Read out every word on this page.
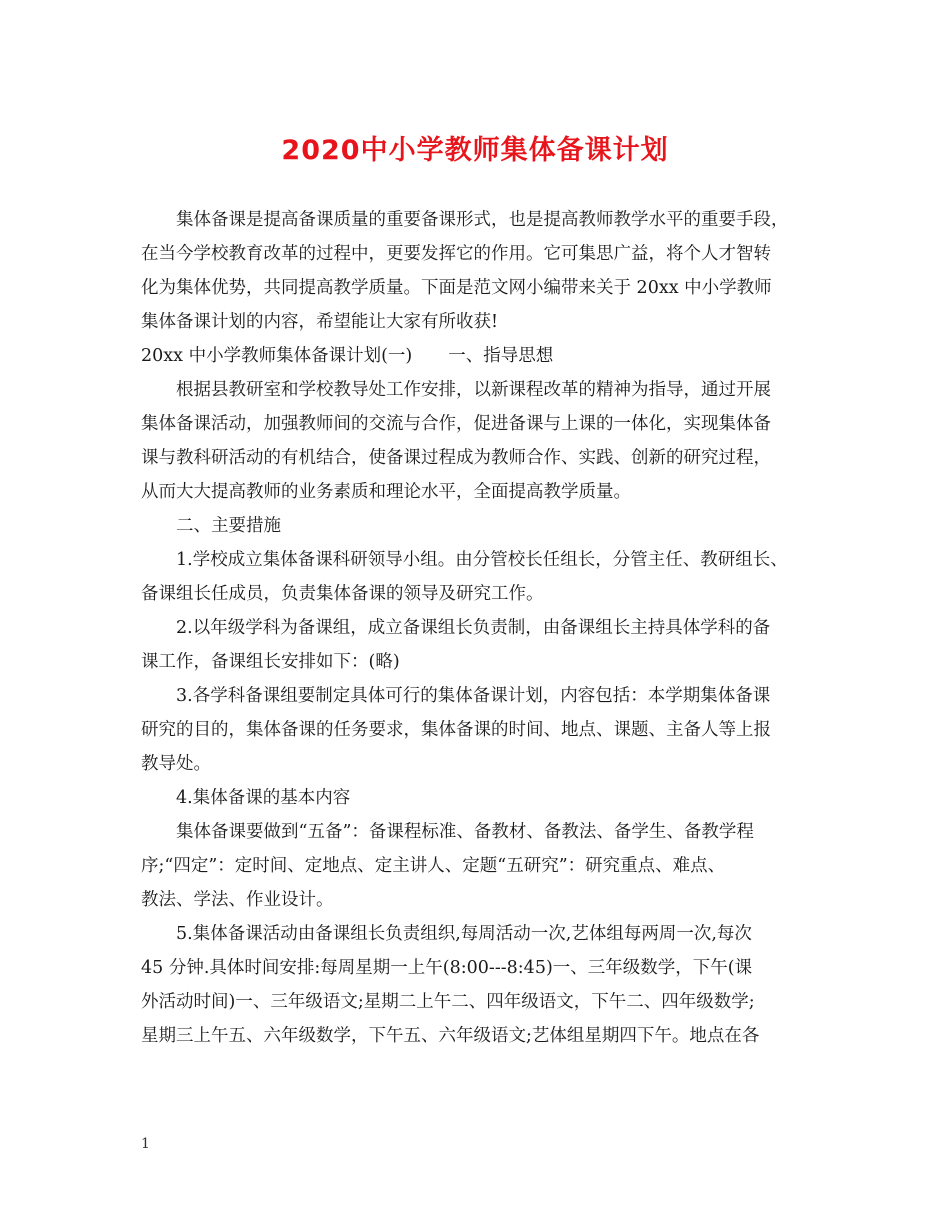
2020中小学教师集体备课计划
集体备课是提高备课质量的重要备课形式，也是提高教师教学水平的重要手段，
在当今学校教育改革的过程中，更要发挥它的作用。它可集思广益，将个人才智转
化为集体优势，共同提高教学质量。下面是范文网小编带来关于 20xx 中小学教师
集体备课计划的内容，希望能让大家有所收获!
20xx 中小学教师集体备课计划(一) 一、指导思想
根据县教研室和学校教导处工作安排，以新课程改革的精神为指导，通过开展
集体备课活动，加强教师间的交流与合作，促进备课与上课的一体化，实现集体备
课与教科研活动的有机结合，使备课过程成为教师合作、实践、创新的研究过程，
从而大大提高教师的业务素质和理论水平，全面提高教学质量。
二、主要措施
1.学校成立集体备课科研领导小组。由分管校长任组长，分管主任、教研组长、
备课组长任成员，负责集体备课的领导及研究工作。
2.以年级学科为备课组，成立备课组长负责制，由备课组长主持具体学科的备
课工作，备课组长安排如下：(略)
3.各学科备课组要制定具体可行的集体备课计划，内容包括：本学期集体备课
研究的目的，集体备课的任务要求，集体备课的时间、地点、课题、主备人等上报
教导处。
4.集体备课的基本内容
集体备课要做到“五备”：备课程标准、备教材、备教法、备学生、备教学程
序;“四定”：定时间、定地点、定主讲人、定题“五研究”：研究重点、难点、
教法、学法、作业设计。
5.集体备课活动由备课组长负责组织,每周活动一次,艺体组每两周一次,每次
45 分钟.具体时间安排:每周星期一上午(8:00---8:45)一、三年级数学，下午(课
外活动时间)一、三年级语文;星期二上午二、四年级语文，下午二、四年级数学;
星期三上午五、六年级数学，下午五、六年级语文;艺体组星期四下午。地点在各
1
